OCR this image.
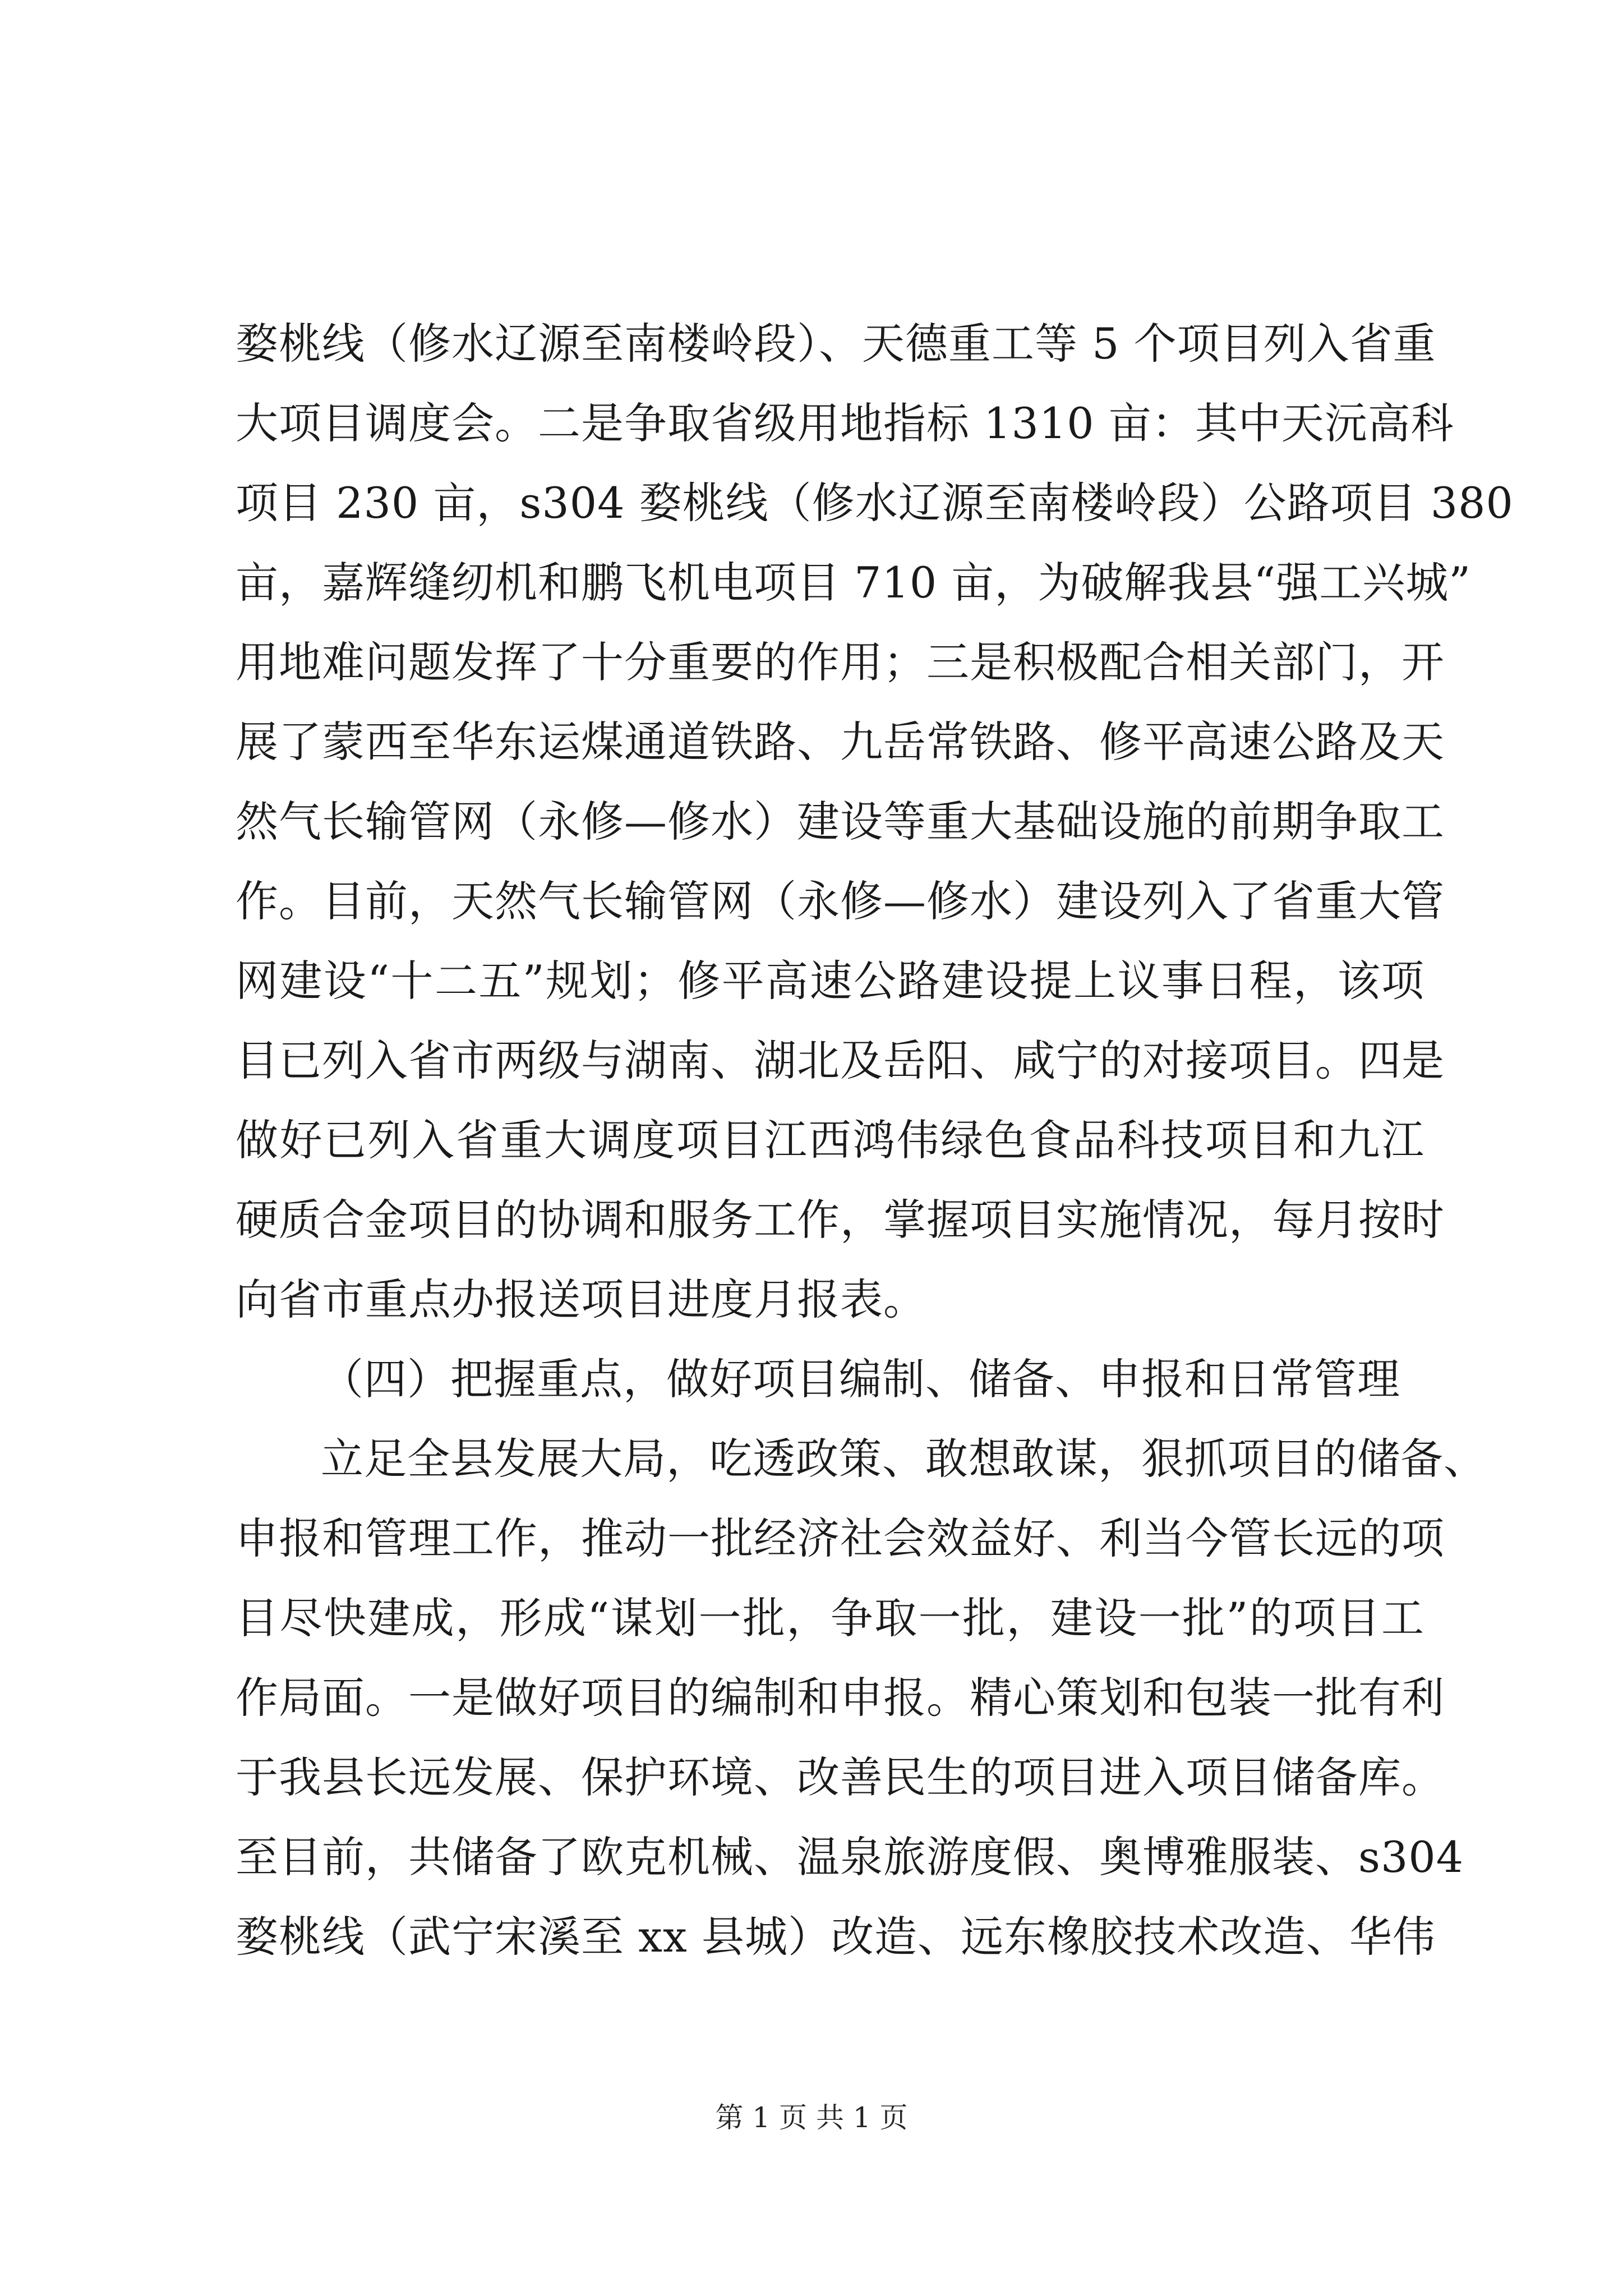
婺桃线（修水辽源至南楼岭段）、天德重工等 5 个项目列入省重
大项目调度会。二是争取省级用地指标 1310 亩：其中天沅高科
项目 230 亩，s304 婺桃线（修水辽源至南楼岭段）公路项目 380
亩，嘉辉缝纫机和鹏飞机电项目 710 亩，为破解我县“强工兴城”
用地难问题发挥了十分重要的作用；三是积极配合相关部门，开
展了蒙西至华东运煤通道铁路、九岳常铁路、修平高速公路及天
然气长输管网（永修—修水）建设等重大基础设施的前期争取工
作。目前，天然气长输管网（永修—修水）建设列入了省重大管
网建设“十二五”规划；修平高速公路建设提上议事日程，该项
目已列入省市两级与湖南、湖北及岳阳、咸宁的对接项目。四是
做好已列入省重大调度项目江西鸿伟绿色食品科技项目和九江
硬质合金项目的协调和服务工作，掌握项目实施情况，每月按时
向省市重点办报送项目进度月报表。
（四）把握重点，做好项目编制、储备、申报和日常管理
立足全县发展大局，吃透政策、敢想敢谋，狠抓项目的储备、
申报和管理工作，推动一批经济社会效益好、利当今管长远的项
目尽快建成，形成“谋划一批，争取一批，建设一批”的项目工
作局面。一是做好项目的编制和申报。精心策划和包装一批有利
于我县长远发展、保护环境、改善民生的项目进入项目储备库。
至目前，共储备了欧克机械、温泉旅游度假、奥博雅服装、s304
婺桃线（武宁宋溪至 xx 县城）改造、远东橡胶技术改造、华伟
第 1 页 共 1 页
